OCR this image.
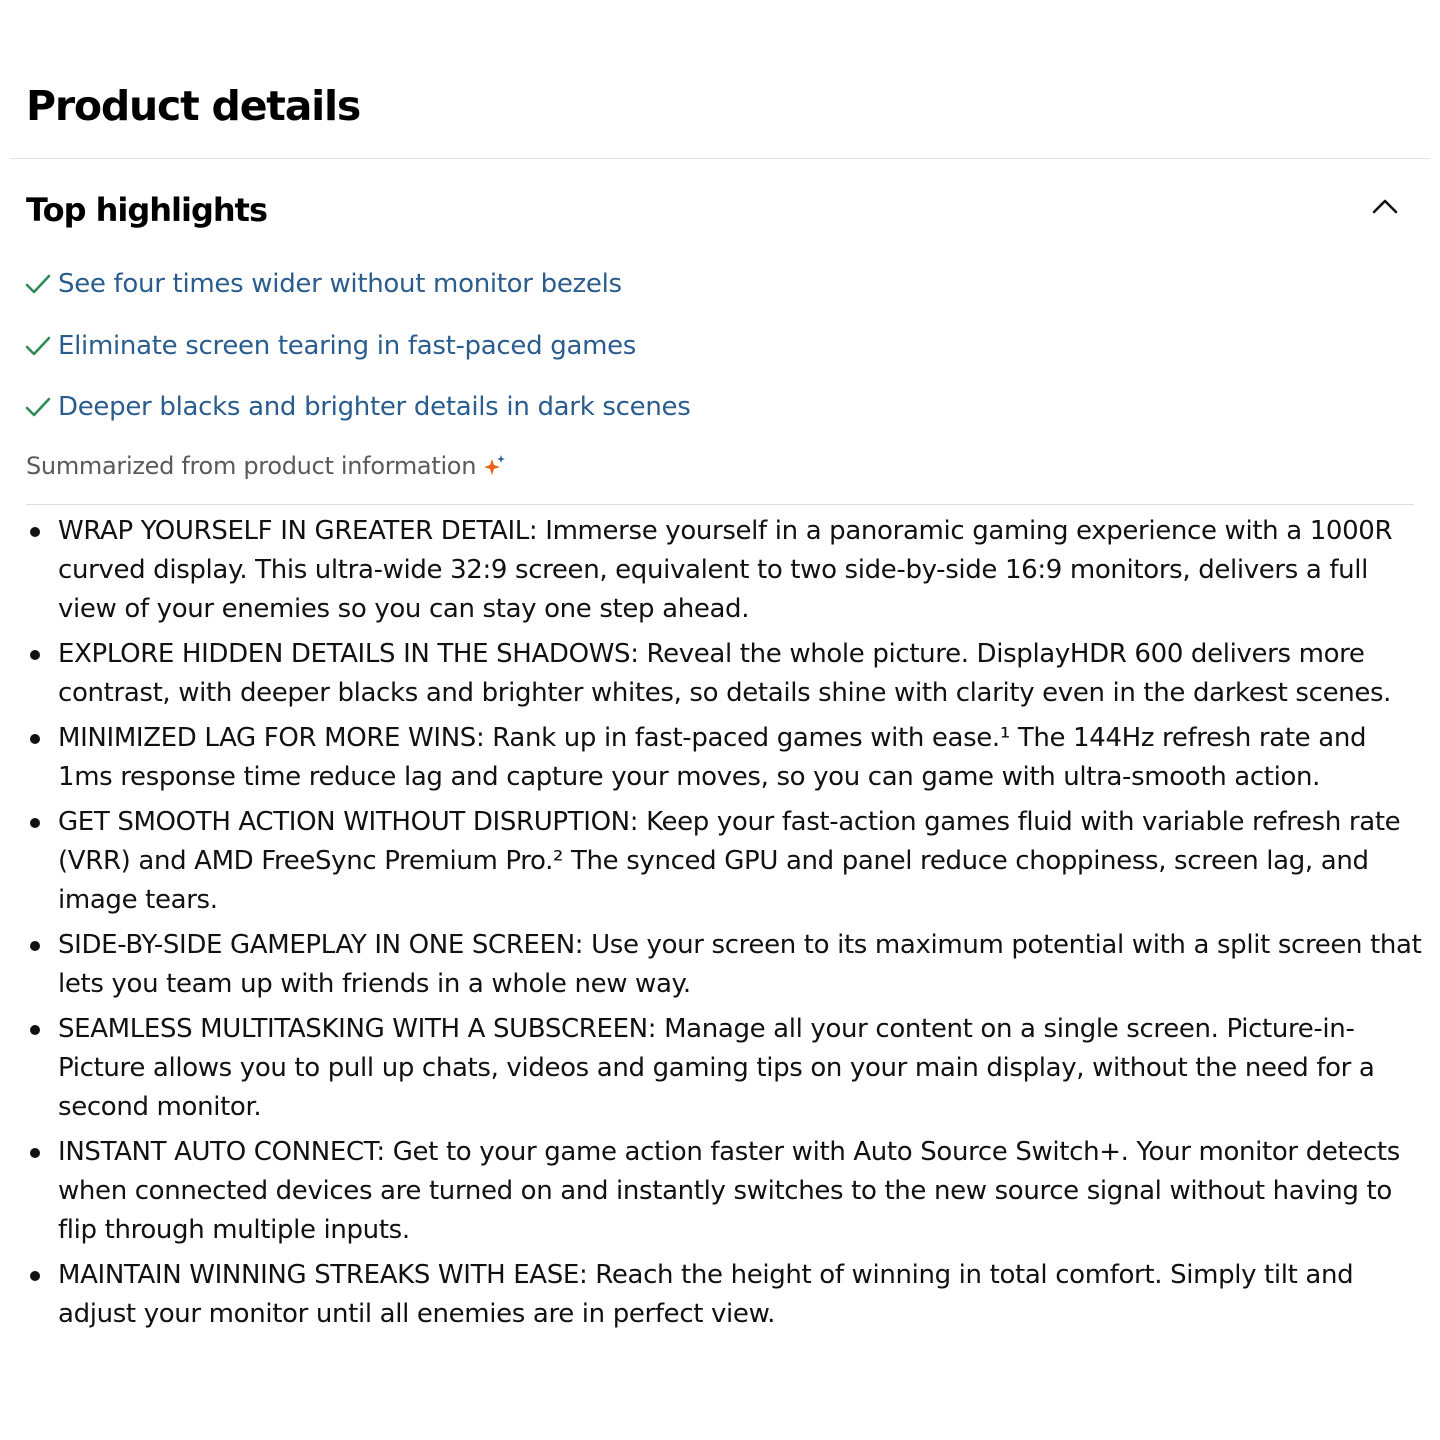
Product details
Top highlights
See four times wider without monitor bezels
Eliminate screen tearing in fast-paced games
Deeper blacks and brighter details in dark scenes
Summarized from product information
WRAP YOURSELF IN GREATER DETAIL: Immerse yourself in a panoramic gaming experience with a 1000R curved display. This ultra-wide 32:9 screen, equivalent to two side-by-side 16:9 monitors, delivers a full view of your enemies so you can stay one step ahead.
EXPLORE HIDDEN DETAILS IN THE SHADOWS: Reveal the whole picture. DisplayHDR 600 delivers more contrast, with deeper blacks and brighter whites, so details shine with clarity even in the darkest scenes.
MINIMIZED LAG FOR MORE WINS: Rank up in fast-paced games with ease.¹ The 144Hz refresh rate and 1ms response time reduce lag and capture your moves, so you can game with ultra-smooth action.
GET SMOOTH ACTION WITHOUT DISRUPTION: Keep your fast-action games fluid with variable refresh rate (VRR) and AMD FreeSync Premium Pro.² The synced GPU and panel reduce choppiness, screen lag, and image tears.
SIDE-BY-SIDE GAMEPLAY IN ONE SCREEN: Use your screen to its maximum potential with a split screen that lets you team up with friends in a whole new way.
SEAMLESS MULTITASKING WITH A SUBSCREEN: Manage all your content on a single screen. Picture-in-Picture allows you to pull up chats, videos and gaming tips on your main display, without the need for a second monitor.
INSTANT AUTO CONNECT: Get to your game action faster with Auto Source Switch+. Your monitor detects when connected devices are turned on and instantly switches to the new source signal without having to flip through multiple inputs.
MAINTAIN WINNING STREAKS WITH EASE: Reach the height of winning in total comfort. Simply tilt and adjust your monitor until all enemies are in perfect view.
